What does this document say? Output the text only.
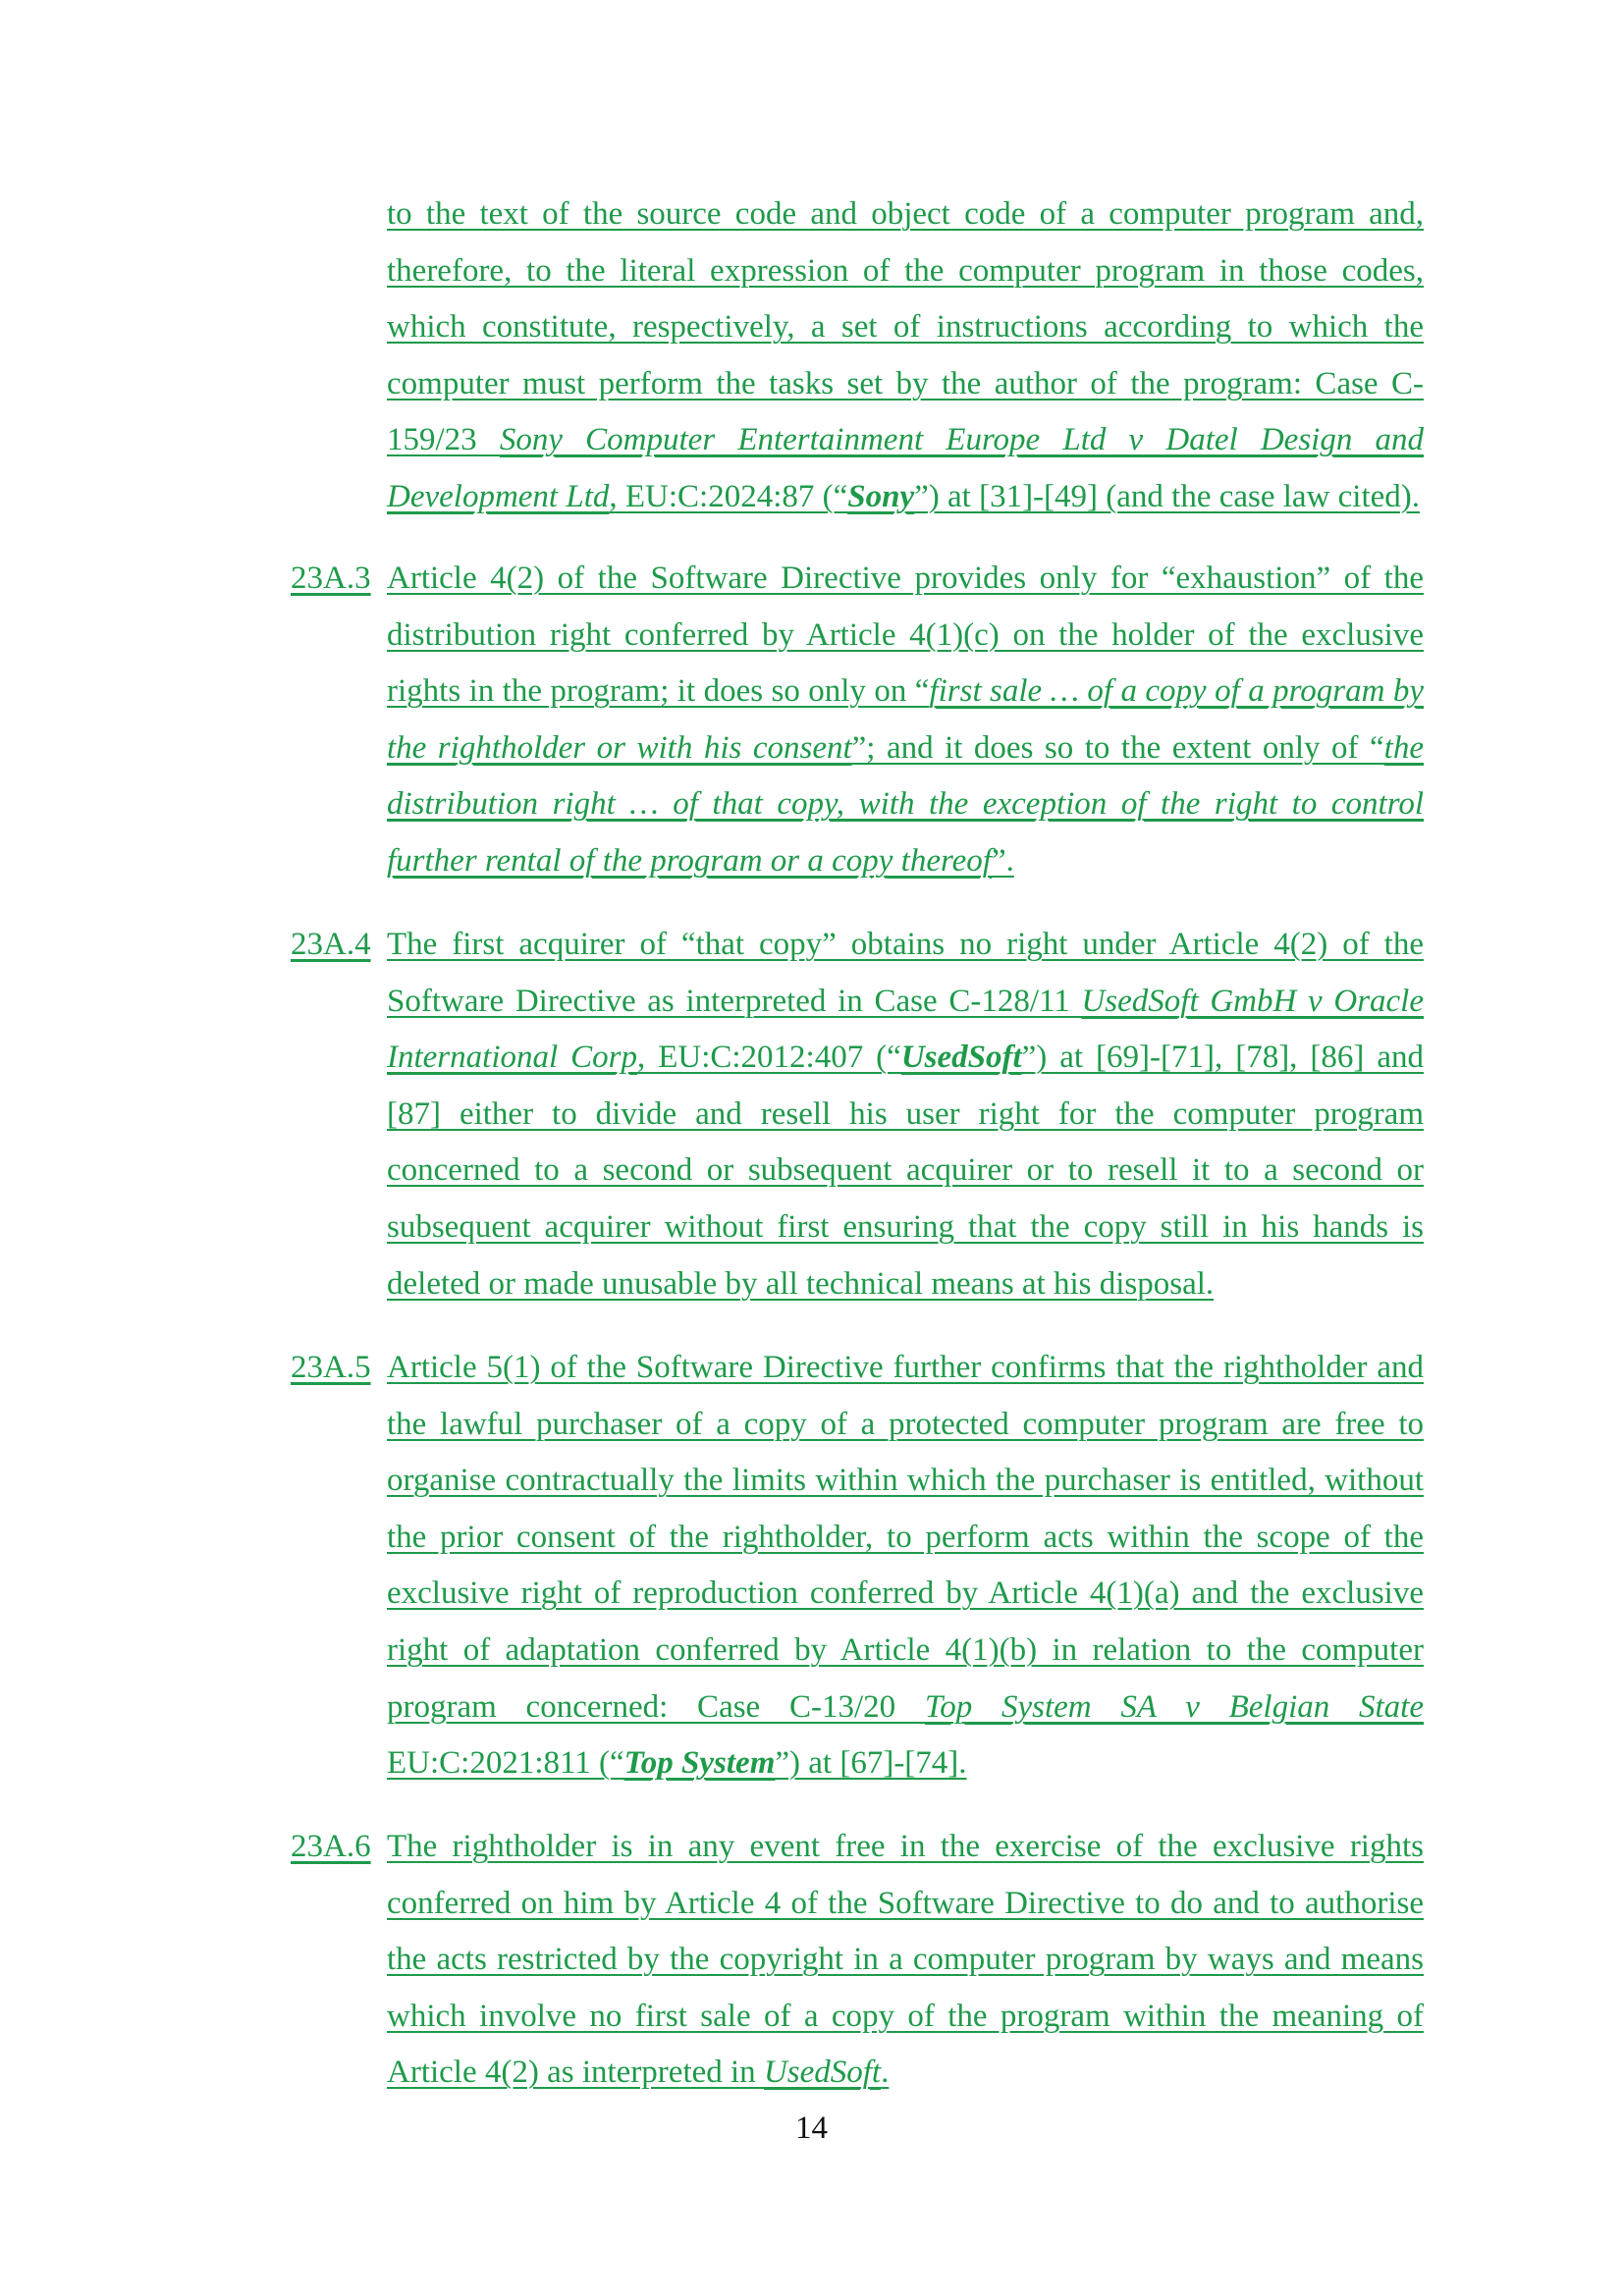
to the text of the source code and object code of a computer program and, therefore, to the literal expression of the computer program in those codes, which constitute, respectively, a set of instructions according to which the computer must perform the tasks set by the author of the program: Case C-159/23 Sony Computer Entertainment Europe Ltd v Datel Design and Development Ltd, EU:C:2024:87 (“Sony”) at [31]-[49] (and the case law cited).

23A.3 Article 4(2) of the Software Directive provides only for “exhaustion” of the distribution right conferred by Article 4(1)(c) on the holder of the exclusive rights in the program; it does so only on “first sale … of a copy of a program by the rightholder or with his consent”; and it does so to the extent only of “the distribution right … of that copy, with the exception of the right to control further rental of the program or a copy thereof”.

23A.4 The first acquirer of “that copy” obtains no right under Article 4(2) of the Software Directive as interpreted in Case C-128/11 UsedSoft GmbH v Oracle International Corp, EU:C:2012:407 (“UsedSoft”) at [69]-[71], [78], [86] and [87] either to divide and resell his user right for the computer program concerned to a second or subsequent acquirer or to resell it to a second or subsequent acquirer without first ensuring that the copy still in his hands is deleted or made unusable by all technical means at his disposal.

23A.5 Article 5(1) of the Software Directive further confirms that the rightholder and the lawful purchaser of a copy of a protected computer program are free to organise contractually the limits within which the purchaser is entitled, without the prior consent of the rightholder, to perform acts within the scope of the exclusive right of reproduction conferred by Article 4(1)(a) and the exclusive right of adaptation conferred by Article 4(1)(b) in relation to the computer program concerned: Case C-13/20 Top System SA v Belgian State EU:C:2021:811 (“Top System”) at [67]-[74].

23A.6 The rightholder is in any event free in the exercise of the exclusive rights conferred on him by Article 4 of the Software Directive to do and to authorise the acts restricted by the copyright in a computer program by ways and means which involve no first sale of a copy of the program within the meaning of Article 4(2) as interpreted in UsedSoft.

14
